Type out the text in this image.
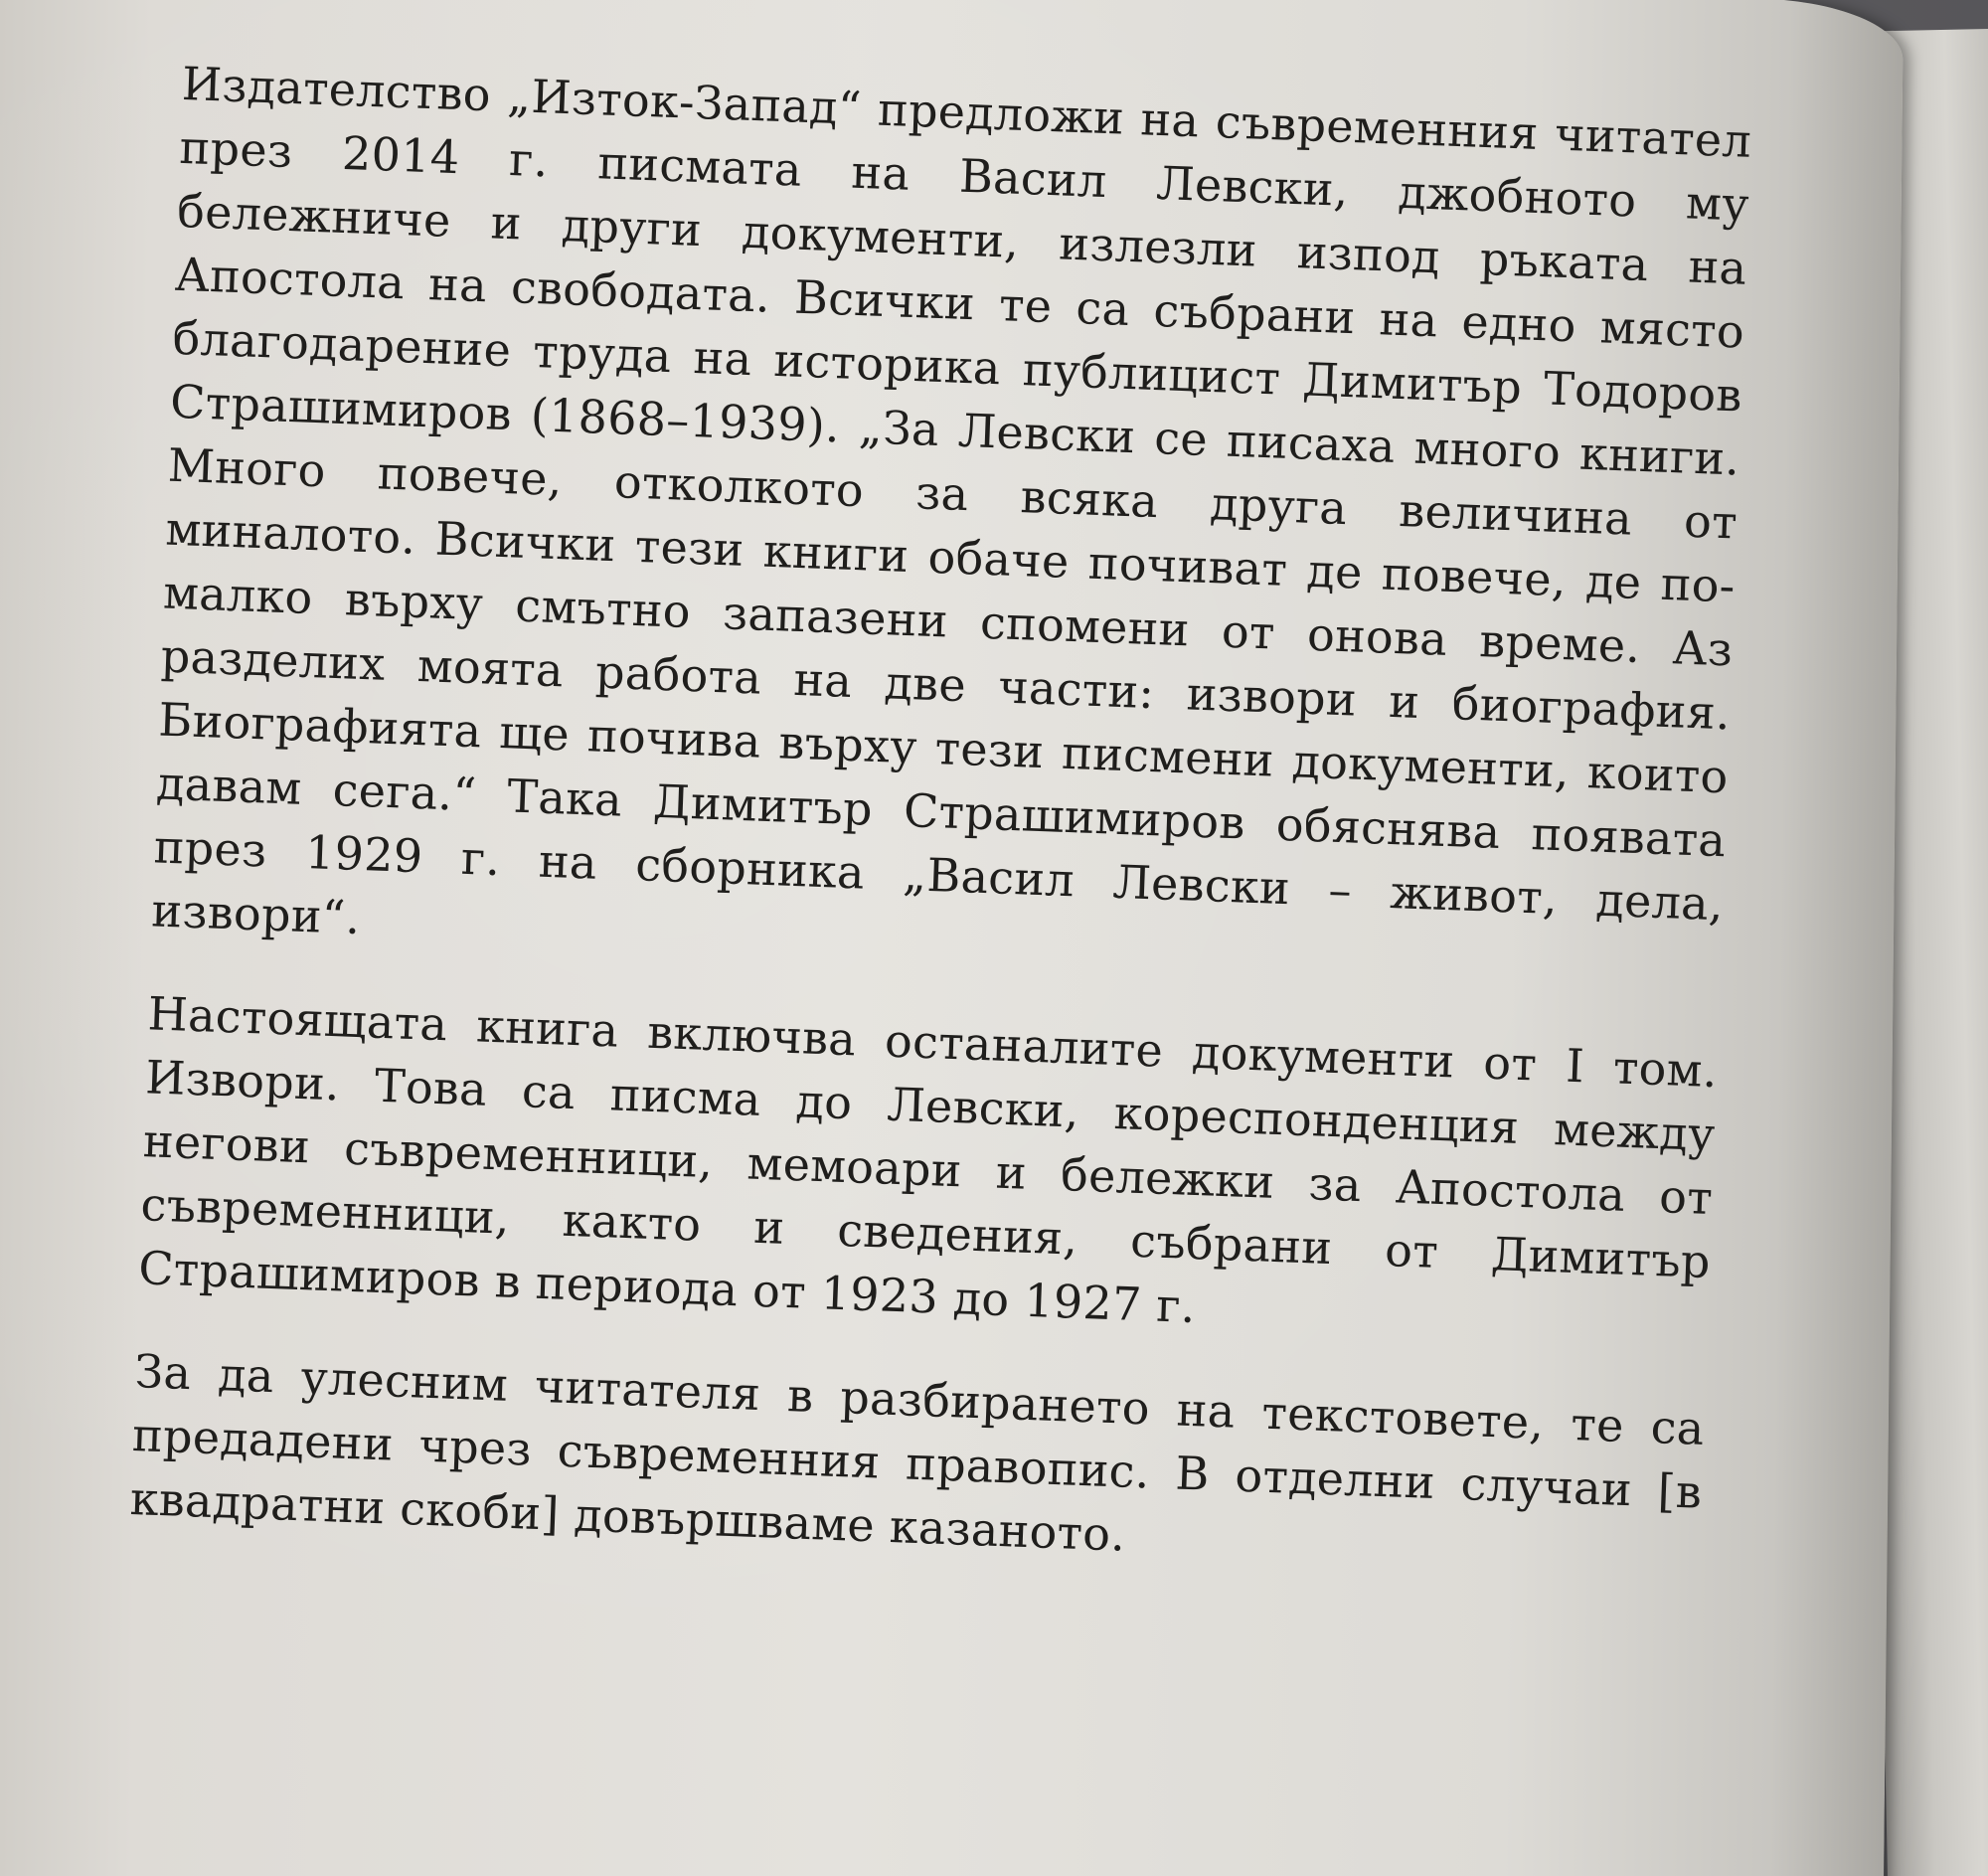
Издателство „Изток-Запад“ предложи на съвременния читател през 2014 г. писмата на Васил Левски, джобното му бележниче и други документи, излезли изпод ръката на Апостола на свободата. Всички те са събрани на едно място благодарение труда на историка публицист Димитър Тодоров Страшимиров (1868–1939). „За Левски се писаха много книги. Много повече, отколкото за всяка друга величина от миналото. Всички тези книги обаче почиват де повече, де по-малко върху смътно запазени спомени от онова време. Аз разделих моята работа на две части: извори и биография. Биографията ще почива върху тези писмени документи, които давам сега.“ Така Димитър Страшимиров обяснява появата през 1929 г. на сборника „Васил Левски – живот, дела, извори“.

Настоящата книга включва останалите документи от I том. Извори. Това са писма до Левски, кореспонденция между негови съвременници, мемоари и бележки за Апостола от съвременници, както и сведения, събрани от Димитър Страшимиров в периода от 1923 до 1927 г.

За да улесним читателя в разбирането на текстовете, те са предадени чрез съвременния правопис. В отделни случаи [в квадратни скоби] довършваме казаното.
